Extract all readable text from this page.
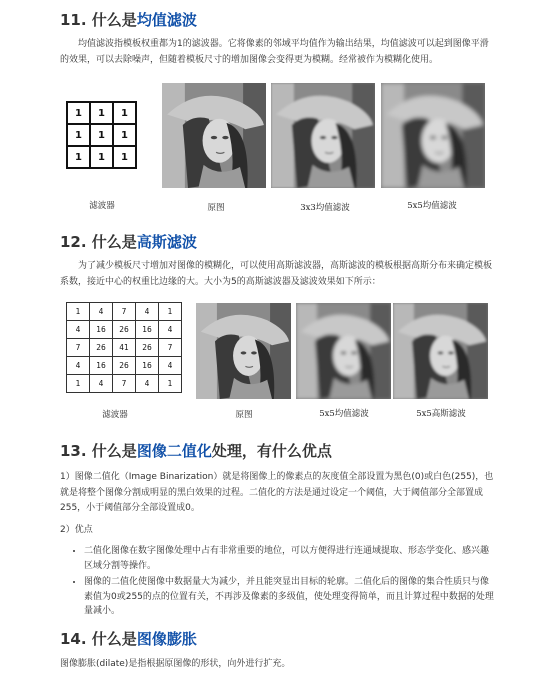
11. 什么是均值滤波
均值滤波指模板权重都为1的滤波器。它将像素的邻域平均值作为输出结果，均值滤波可以起到图像平滑的效果，可以去除噪声，但随着模板尺寸的增加图像会变得更为模糊。经常被作为模糊化使用。
1	1	1
1	1	1
1	1	1
滤波器	原图	3x3均值滤波	5x5均值滤波
12. 什么是高斯滤波
为了减少模板尺寸增加对图像的模糊化，可以使用高斯滤波器，高斯滤波的模板根据高斯分布来确定模板系数，接近中心的权重比边缘的大。大小为5的高斯滤波器及滤波效果如下所示：
1	4	7	4	1
4	16	26	16	4
7	26	41	26	7
4	16	26	16	4
1	4	7	4	1
滤波器	原图	5x5均值滤波	5x5高斯滤波
13. 什么是图像二值化处理，有什么优点
1）图像二值化（Image Binarization）就是将图像上的像素点的灰度值全部设置为黑色(0)或白色(255)，也就是将整个图像分割成明显的黑白效果的过程。二值化的方法是通过设定一个阈值，大于阈值部分全部置成255，小于阈值部分全部设置成0。
2）优点
• 二值化图像在数字图像处理中占有非常重要的地位，可以方便得进行连通域提取、形态学变化、感兴趣区域分割等操作。
• 图像的二值化使图像中数据量大为减少，并且能突显出目标的轮廓。二值化后的图像的集合性质只与像素值为0或255的点的位置有关，不再涉及像素的多级值，使处理变得简单，而且计算过程中数据的处理量减小。
14. 什么是图像膨胀
图像膨胀(dilate)是指根据原图像的形状，向外进行扩充。
